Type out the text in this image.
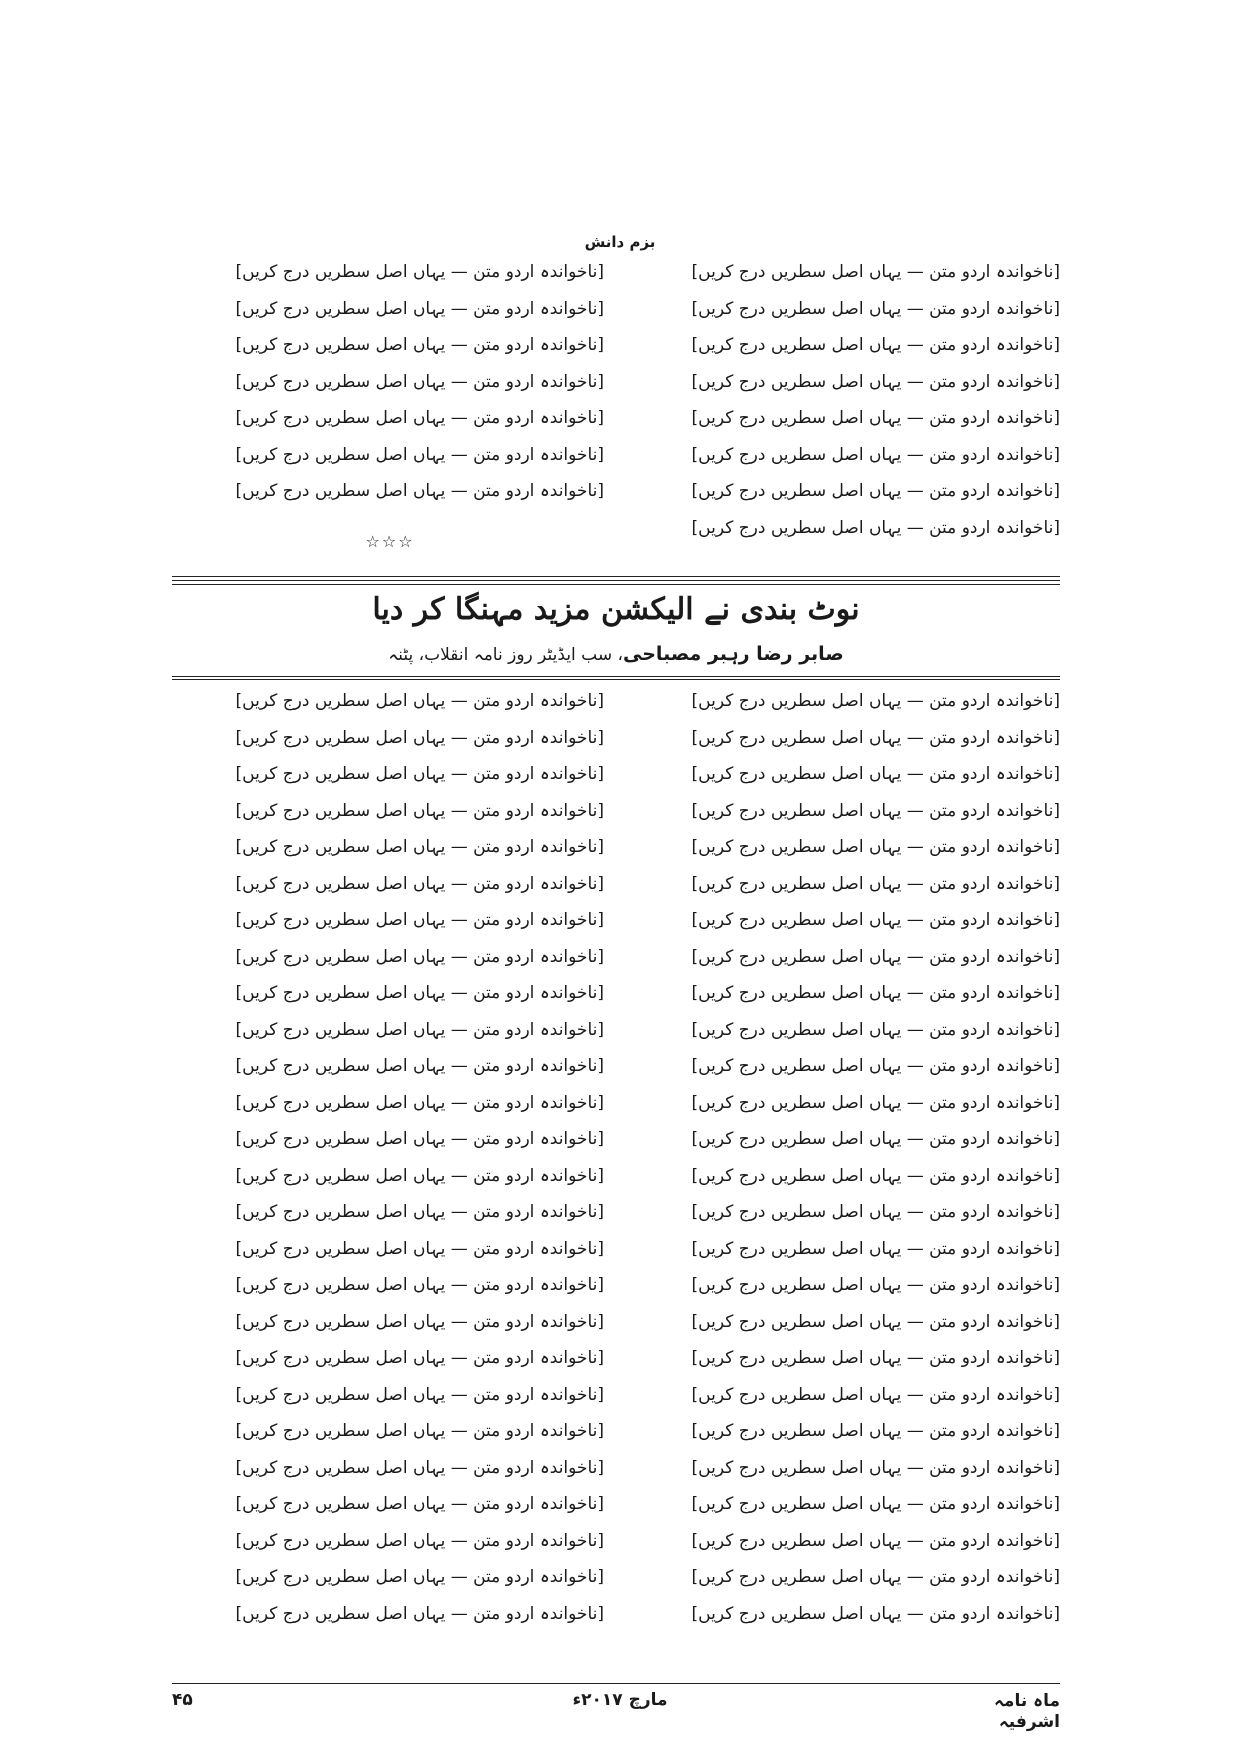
بزم دانش

[ناخواندہ اردو متن — یہاں اصل سطریں درج کریں]

[ناخواندہ اردو متن — یہاں اصل سطریں درج کریں]

[ناخواندہ اردو متن — یہاں اصل سطریں درج کریں]

[ناخواندہ اردو متن — یہاں اصل سطریں درج کریں]

[ناخواندہ اردو متن — یہاں اصل سطریں درج کریں]

[ناخواندہ اردو متن — یہاں اصل سطریں درج کریں]

[ناخواندہ اردو متن — یہاں اصل سطریں درج کریں]

[ناخواندہ اردو متن — یہاں اصل سطریں درج کریں]

[ناخواندہ اردو متن — یہاں اصل سطریں درج کریں]

[ناخواندہ اردو متن — یہاں اصل سطریں درج کریں]

[ناخواندہ اردو متن — یہاں اصل سطریں درج کریں]

[ناخواندہ اردو متن — یہاں اصل سطریں درج کریں]

[ناخواندہ اردو متن — یہاں اصل سطریں درج کریں]

[ناخواندہ اردو متن — یہاں اصل سطریں درج کریں]

[ناخواندہ اردو متن — یہاں اصل سطریں درج کریں]

☆☆☆
نوٹ بندی نے الیکشن مزید مہنگا کر دیا
صابر رضا رہبر مصباحی، سب ایڈیٹر روز نامہ انقلاب، پٹنہ

[ناخواندہ اردو متن — یہاں اصل سطریں درج کریں]

[ناخواندہ اردو متن — یہاں اصل سطریں درج کریں]

[ناخواندہ اردو متن — یہاں اصل سطریں درج کریں]

[ناخواندہ اردو متن — یہاں اصل سطریں درج کریں]

[ناخواندہ اردو متن — یہاں اصل سطریں درج کریں]

[ناخواندہ اردو متن — یہاں اصل سطریں درج کریں]

[ناخواندہ اردو متن — یہاں اصل سطریں درج کریں]

[ناخواندہ اردو متن — یہاں اصل سطریں درج کریں]

[ناخواندہ اردو متن — یہاں اصل سطریں درج کریں]

[ناخواندہ اردو متن — یہاں اصل سطریں درج کریں]

[ناخواندہ اردو متن — یہاں اصل سطریں درج کریں]

[ناخواندہ اردو متن — یہاں اصل سطریں درج کریں]

[ناخواندہ اردو متن — یہاں اصل سطریں درج کریں]

[ناخواندہ اردو متن — یہاں اصل سطریں درج کریں]

[ناخواندہ اردو متن — یہاں اصل سطریں درج کریں]

[ناخواندہ اردو متن — یہاں اصل سطریں درج کریں]

[ناخواندہ اردو متن — یہاں اصل سطریں درج کریں]

[ناخواندہ اردو متن — یہاں اصل سطریں درج کریں]

[ناخواندہ اردو متن — یہاں اصل سطریں درج کریں]

[ناخواندہ اردو متن — یہاں اصل سطریں درج کریں]

[ناخواندہ اردو متن — یہاں اصل سطریں درج کریں]

[ناخواندہ اردو متن — یہاں اصل سطریں درج کریں]

[ناخواندہ اردو متن — یہاں اصل سطریں درج کریں]

[ناخواندہ اردو متن — یہاں اصل سطریں درج کریں]

[ناخواندہ اردو متن — یہاں اصل سطریں درج کریں]

[ناخواندہ اردو متن — یہاں اصل سطریں درج کریں]

[ناخواندہ اردو متن — یہاں اصل سطریں درج کریں]

[ناخواندہ اردو متن — یہاں اصل سطریں درج کریں]

[ناخواندہ اردو متن — یہاں اصل سطریں درج کریں]

[ناخواندہ اردو متن — یہاں اصل سطریں درج کریں]

[ناخواندہ اردو متن — یہاں اصل سطریں درج کریں]

[ناخواندہ اردو متن — یہاں اصل سطریں درج کریں]

[ناخواندہ اردو متن — یہاں اصل سطریں درج کریں]

[ناخواندہ اردو متن — یہاں اصل سطریں درج کریں]

[ناخواندہ اردو متن — یہاں اصل سطریں درج کریں]

[ناخواندہ اردو متن — یہاں اصل سطریں درج کریں]

[ناخواندہ اردو متن — یہاں اصل سطریں درج کریں]

[ناخواندہ اردو متن — یہاں اصل سطریں درج کریں]

[ناخواندہ اردو متن — یہاں اصل سطریں درج کریں]

[ناخواندہ اردو متن — یہاں اصل سطریں درج کریں]

[ناخواندہ اردو متن — یہاں اصل سطریں درج کریں]

[ناخواندہ اردو متن — یہاں اصل سطریں درج کریں]

[ناخواندہ اردو متن — یہاں اصل سطریں درج کریں]

[ناخواندہ اردو متن — یہاں اصل سطریں درج کریں]

[ناخواندہ اردو متن — یہاں اصل سطریں درج کریں]

[ناخواندہ اردو متن — یہاں اصل سطریں درج کریں]

[ناخواندہ اردو متن — یہاں اصل سطریں درج کریں]

[ناخواندہ اردو متن — یہاں اصل سطریں درج کریں]

[ناخواندہ اردو متن — یہاں اصل سطریں درج کریں]

[ناخواندہ اردو متن — یہاں اصل سطریں درج کریں]

[ناخواندہ اردو متن — یہاں اصل سطریں درج کریں]

[ناخواندہ اردو متن — یہاں اصل سطریں درج کریں]

ماہ نامہ اشرفیہ
مارچ ۲۰۱۷ء
۴۵
